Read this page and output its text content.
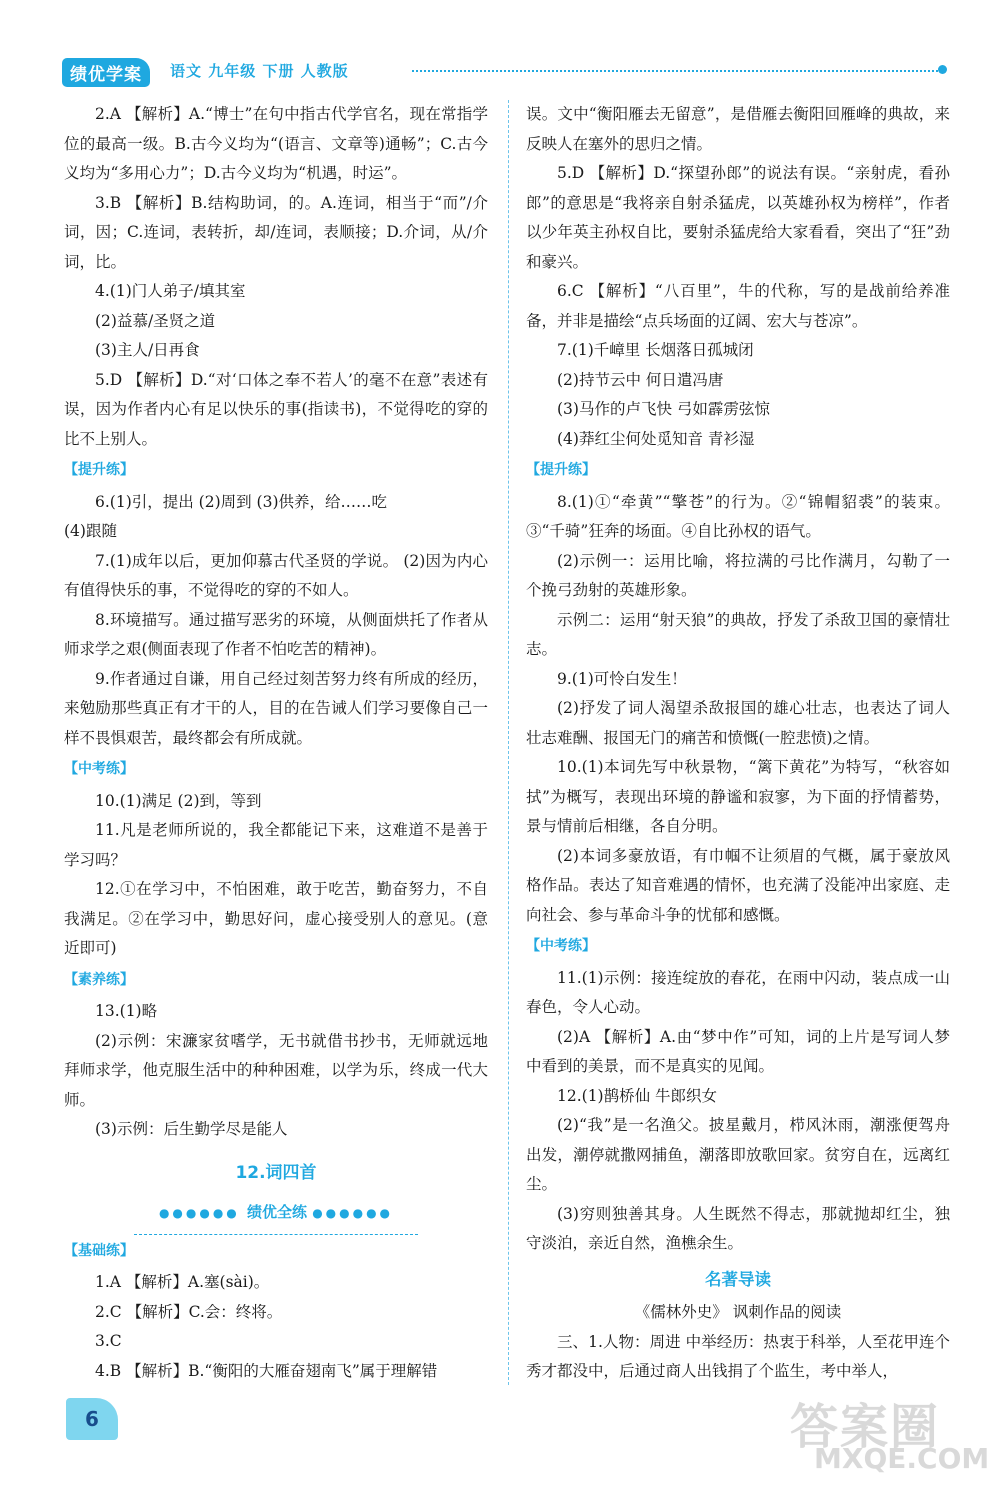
绩优学案	语文 九年级 下册 人教版
2.A 【解析】A.“博士”在句中指古代学官名，现在常指学位的最高一级。B.古今义均为“(语言、文章等)通畅”；C.古今义均为“多用心力”；D.古今义均为“机遇，时运”。
3.B 【解析】B.结构助词，的。A.连词，相当于“而”/介词，因；C.连词，表转折，却/连词，表顺接；D.介词，从/介词，比。
4.(1)门人弟子/填其室
(2)益慕/圣贤之道
(3)主人/日再食
5.D 【解析】D.“对‘口体之奉不若人’的毫不在意”表述有误，因为作者内心有足以快乐的事(指读书)，不觉得吃的穿的比不上别人。
【提升练】
6.(1)引，提出 (2)周到 (3)供养，给……吃
(4)跟随
7.(1)成年以后，更加仰慕古代圣贤的学说。 (2)因为内心有值得快乐的事，不觉得吃的穿的不如人。
8.环境描写。通过描写恶劣的环境，从侧面烘托了作者从师求学之艰(侧面表现了作者不怕吃苦的精神)。
9.作者通过自谦，用自己经过刻苦努力终有所成的经历，来勉励那些真正有才干的人，目的在告诫人们学习要像自己一样不畏惧艰苦，最终都会有所成就。
【中考练】
10.(1)满足 (2)到，等到
11.凡是老师所说的，我全都能记下来，这难道不是善于学习吗？
12.①在学习中，不怕困难，敢于吃苦，勤奋努力，不自我满足。②在学习中，勤思好问，虚心接受别人的意见。(意近即可)
【素养练】
13.(1)略
(2)示例：宋濂家贫嗜学，无书就借书抄书，无师就远地拜师求学，他克服生活中的种种困难，以学为乐，终成一代大师。
(3)示例：后生勤学尽是能人
12.词四首
●●●●●● 绩优全练 ●●●●●●
【基础练】
1.A 【解析】A.塞(sài)。
2.C 【解析】C.会：终将。
3.C
4.B 【解析】B.“衡阳的大雁奋翅南飞”属于理解错
误。文中“衡阳雁去无留意”，是借雁去衡阳回雁峰的典故，来反映人在塞外的思归之情。
5.D 【解析】D.“探望孙郎”的说法有误。“亲射虎，看孙郎”的意思是“我将亲自射杀猛虎，以英雄孙权为榜样”，作者以少年英主孙权自比，要射杀猛虎给大家看看，突出了“狂”劲和豪兴。
6.C 【解析】“八百里”，牛的代称，写的是战前给养准备，并非是描绘“点兵场面的辽阔、宏大与苍凉”。
7.(1)千嶂里 长烟落日孤城闭
(2)持节云中 何日遣冯唐
(3)马作的卢飞快 弓如霹雳弦惊
(4)莽红尘何处觅知音 青衫湿
【提升练】
8.(1)①“牵黄”“擎苍”的行为。②“锦帽貂裘”的装束。③“千骑”狂奔的场面。④自比孙权的语气。
(2)示例一：运用比喻，将拉满的弓比作满月，勾勒了一个挽弓劲射的英雄形象。
示例二：运用“射天狼”的典故，抒发了杀敌卫国的豪情壮志。
9.(1)可怜白发生！
(2)抒发了词人渴望杀敌报国的雄心壮志，也表达了词人壮志难酬、报国无门的痛苦和愤慨(一腔悲愤)之情。
10.(1)本词先写中秋景物，“篱下黄花”为特写，“秋容如拭”为概写，表现出环境的静谧和寂寥，为下面的抒情蓄势，景与情前后相继，各自分明。
(2)本词多豪放语，有巾帼不让须眉的气概，属于豪放风格作品。表达了知音难遇的情怀，也充满了没能冲出家庭、走向社会、参与革命斗争的忧郁和感慨。
【中考练】
11.(1)示例：接连绽放的春花，在雨中闪动，装点成一山春色，令人心动。
(2)A 【解析】A.由“梦中作”可知，词的上片是写词人梦中看到的美景，而不是真实的见闻。
12.(1)鹊桥仙 牛郎织女
(2)“我”是一名渔父。披星戴月，栉风沐雨，潮涨便驾舟出发，潮停就撒网捕鱼，潮落即放歌回家。贫穷自在，远离红尘。
(3)穷则独善其身。人生既然不得志，那就抛却红尘，独守淡泊，亲近自然，渔樵余生。
名著导读
《儒林外史》 讽刺作品的阅读
三、1.人物：周进 中举经历：热衷于科举，人至花甲连个秀才都没中，后通过商人出钱捐了个监生，考中举人，
6	答案圈
MXQE.COM
